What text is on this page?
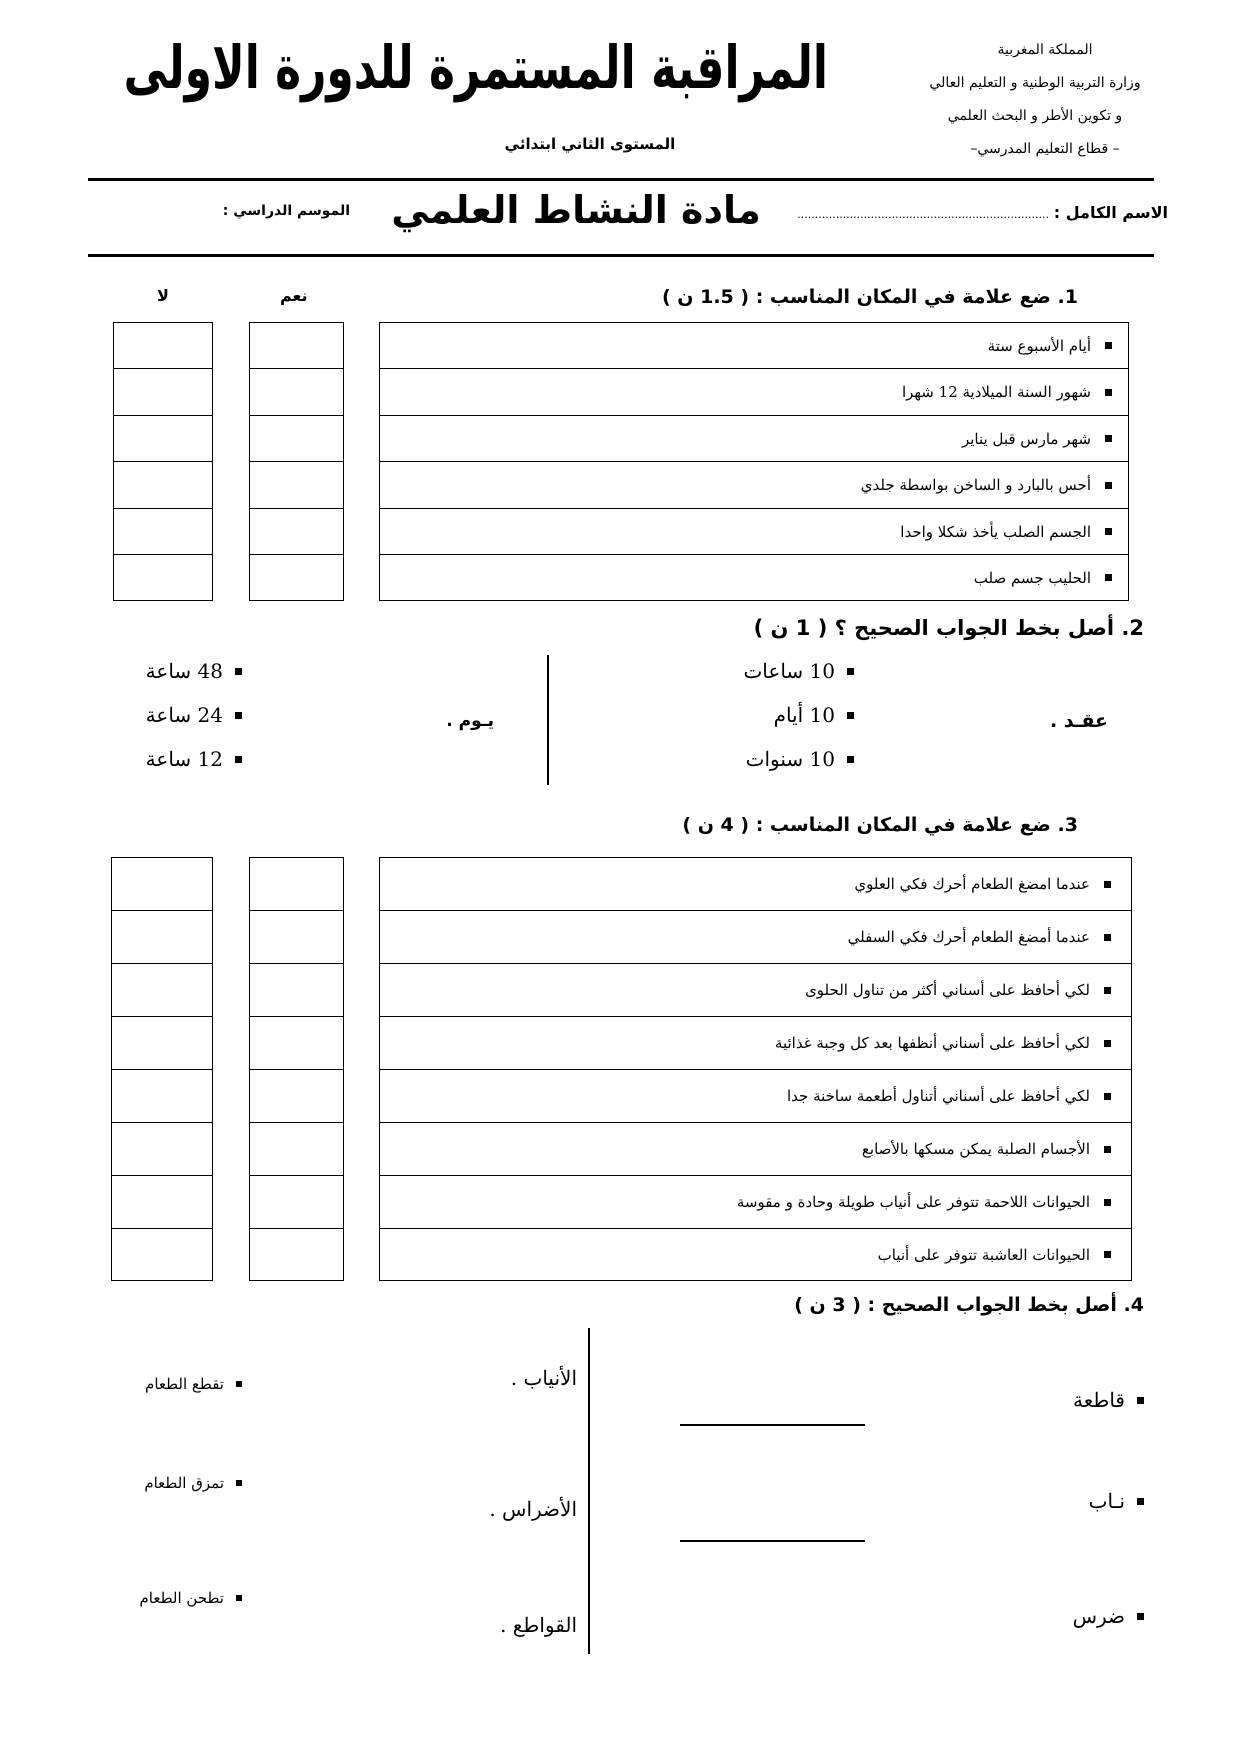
المملكة المغربية
وزارة التربية الوطنية و التعليم العالي
و تكوين الأطر و البحث العلمي
– قطاع التعليم المدرسي–
المراقبة المستمرة للدورة الاولى
المستوى الثاني ابتدائي
الاسم الكامل : ........................................................................
مادة النشاط العلمي
الموسم الدراسي :
1. ضع علامة في المكان المناسب : ( 1.5 ن )
نعم
لا
أيام الأسبوع ستة
شهور السنة الميلادية 12 شهرا
شهر مارس قبل يناير
أحس بالبارد و الساخن بواسطة جلدي
الجسم الصلب يأخذ شكلا واحدا
الحليب جسم صلب
2. أصل بخط الجواب الصحيح ؟ ( 1 ن )
عقـد .
10 ساعات
10 أيام
10 سنوات
يـوم .
48 ساعة
24 ساعة
12 ساعة
3. ضع علامة في المكان المناسب : ( 4 ن )
عندما امضغ الطعام أحرك فكي العلوي
عندما أمضغ الطعام أحرك فكي السفلي
لكي أحافظ على أسناني أكثر من تناول الحلوى
لكي أحافظ على أسناني أنظفها بعد كل وجبة غذائية
لكي أحافظ على أسناني أتناول أطعمة ساخنة جدا
الأجسام الصلبة يمكن مسكها بالأصابع
الحيوانات اللاحمة تتوفر على أنياب طويلة وحادة و مقوسة
الحيوانات العاشبة تتوفر على أنياب
4. أصل بخط الجواب الصحيح : ( 3 ن )
قاطعة
نـاب
ضرس
الأنياب .
الأضراس .
القواطع .
تقطع الطعام
تمزق الطعام
تطحن الطعام
